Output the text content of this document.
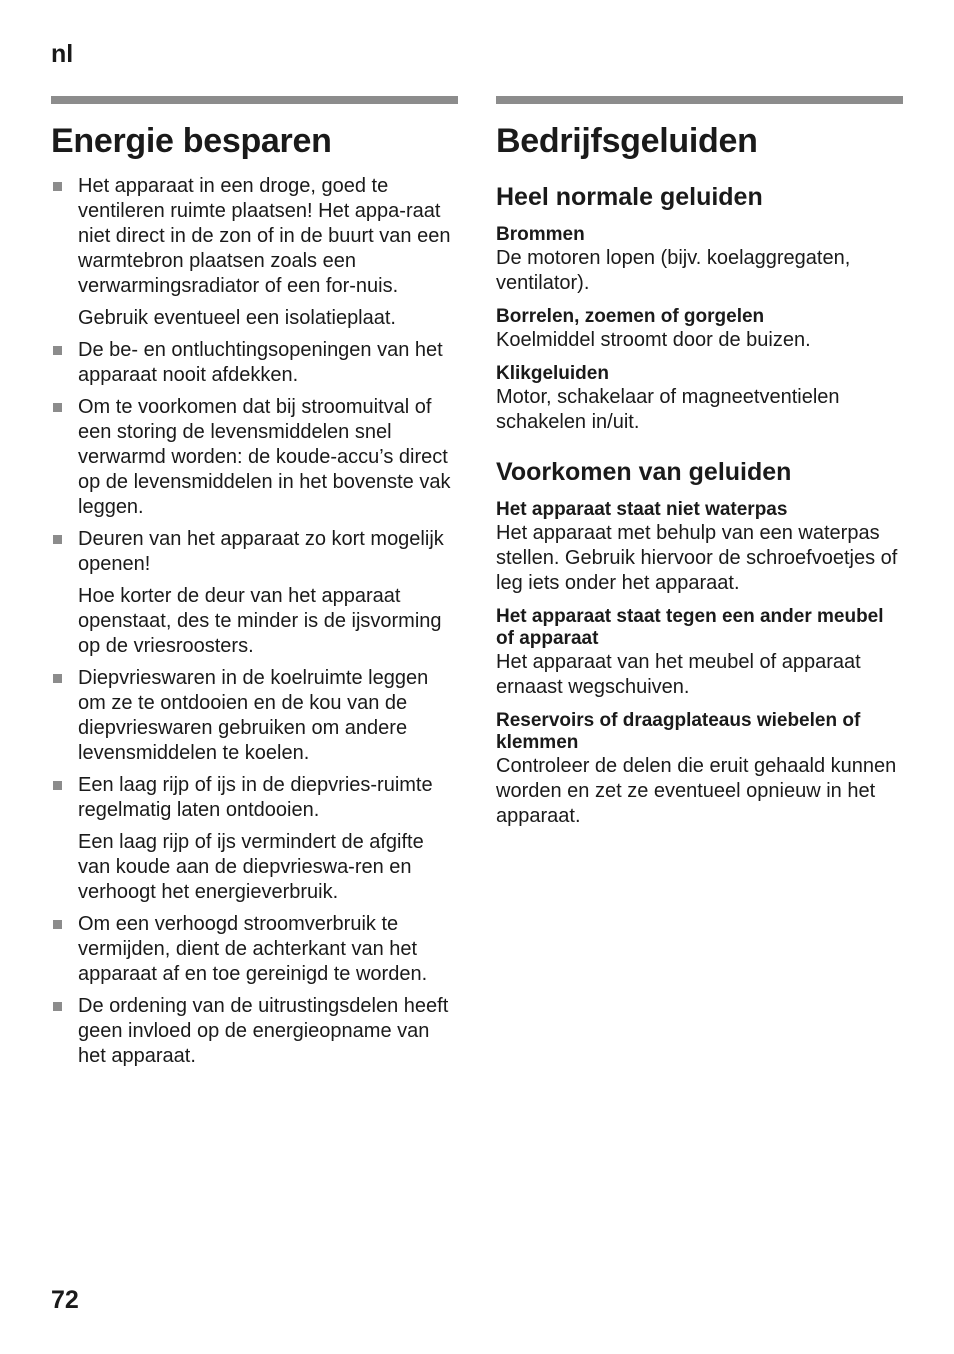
nl
Energie besparen
Het apparaat in een droge, goed te ventileren ruimte plaatsen! Het appa-raat niet direct in de zon of in de buurt van een warmtebron plaatsen zoals een verwarmingsradiator of een for-nuis.
Gebruik eventueel een isolatieplaat.
De be- en ontluchtingsopeningen van het apparaat nooit afdekken.
Om te voorkomen dat bij stroomuitval of een storing de levensmiddelen snel verwarmd worden: de koude-accu’s direct op de levensmiddelen in het bovenste vak leggen.
Deuren van het apparaat zo kort mogelijk openen!
Hoe korter de deur van het apparaat openstaat, des te minder is de ijsvorming op de vriesroosters.
Diepvrieswaren in de koelruimte leggen om ze te ontdooien en de kou van de diepvrieswaren gebruiken om andere levensmiddelen te koelen.
Een laag rijp of ijs in de diepvries-ruimte regelmatig laten ontdooien.
Een laag rijp of ijs vermindert de afgifte van koude aan de diepvrieswa-ren en verhoogt het energieverbruik.
Om een verhoogd stroomverbruik te vermijden, dient de achterkant van het apparaat af en toe gereinigd te worden.
De ordening van de uitrustingsdelen heeft geen invloed op de energieopname van het apparaat.
Bedrijfsgeluiden
Heel normale geluiden
Brommen
De motoren lopen (bijv. koelaggregaten, ventilator).
Borrelen, zoemen of gorgelen
Koelmiddel stroomt door de buizen.
Klikgeluiden
Motor, schakelaar of magneetventielen schakelen in/uit.
Voorkomen van geluiden
Het apparaat staat niet waterpas
Het apparaat met behulp van een waterpas stellen. Gebruik hiervoor de schroefvoetjes of leg iets onder het apparaat.
Het apparaat staat tegen een ander meubel of apparaat
Het apparaat van het meubel of apparaat ernaast wegschuiven.
Reservoirs of draagplateaus wiebelen of klemmen
Controleer de delen die eruit gehaald kunnen worden en zet ze eventueel opnieuw in het apparaat.
72
